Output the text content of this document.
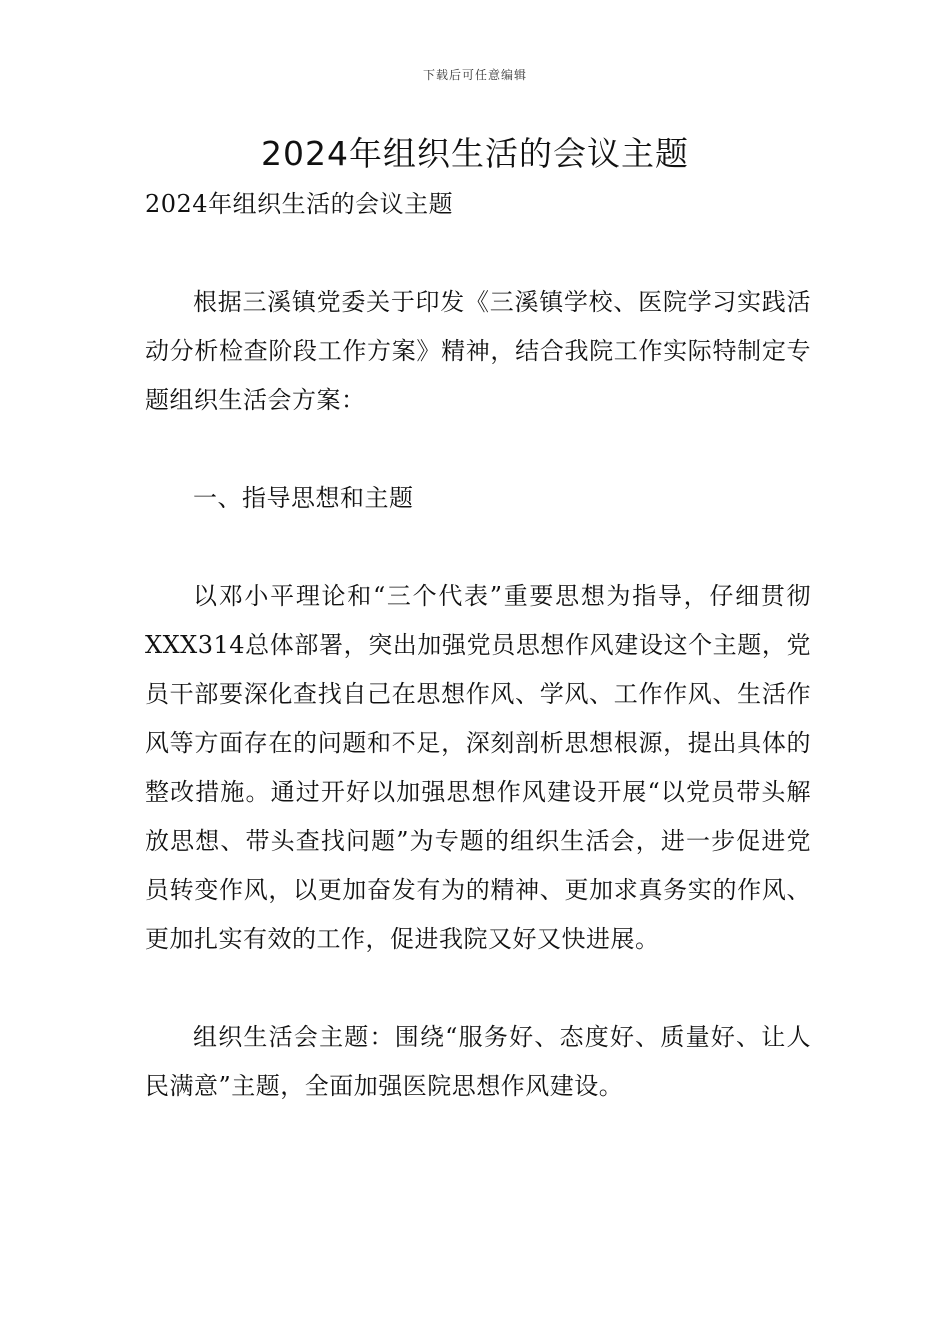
下载后可任意编辑
2024年组织生活的会议主题

2024年组织生活的会议主题

根据三溪镇党委关于印发《三溪镇学校、医院学习实践活动分析检查阶段工作方案》精神，结合我院工作实际特制定专题组织生活会方案：

一、指导思想和主题

以邓小平理论和“三个代表”重要思想为指导，仔细贯彻XXX314总体部署，突出加强党员思想作风建设这个主题，党员干部要深化查找自己在思想作风、学风、工作作风、生活作风等方面存在的问题和不足，深刻剖析思想根源，提出具体的整改措施。通过开好以加强思想作风建设开展“以党员带头解放思想、带头查找问题”为专题的组织生活会，进一步促进党员转变作风，以更加奋发有为的精神、更加求真务实的作风、更加扎实有效的工作，促进我院又好又快进展。

组织生活会主题：围绕“服务好、态度好、质量好、让人民满意”主题，全面加强医院思想作风建设。
